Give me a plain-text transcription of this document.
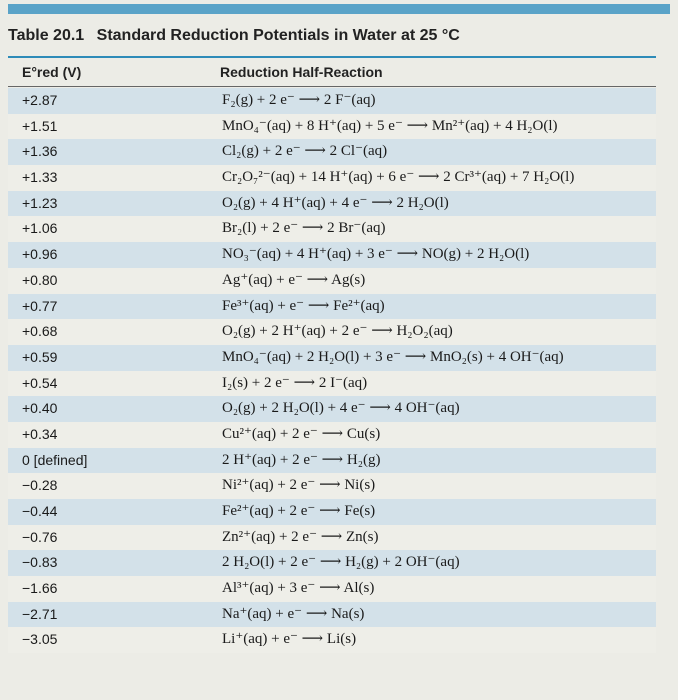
Table 20.1 Standard Reduction Potentials in Water at 25 °C
E°red (V)	Reduction Half-Reaction
+2.87	F₂(g) + 2 e⁻ ⟶ 2 F⁻(aq)
+1.51	MnO₄⁻(aq) + 8 H⁺(aq) + 5 e⁻ ⟶ Mn²⁺(aq) + 4 H₂O(l)
+1.36	Cl₂(g) + 2 e⁻ ⟶ 2 Cl⁻(aq)
+1.33	Cr₂O₇²⁻(aq) + 14 H⁺(aq) + 6 e⁻ ⟶ 2 Cr³⁺(aq) + 7 H₂O(l)
+1.23	O₂(g) + 4 H⁺(aq) + 4 e⁻ ⟶ 2 H₂O(l)
+1.06	Br₂(l) + 2 e⁻ ⟶ 2 Br⁻(aq)
+0.96	NO₃⁻(aq) + 4 H⁺(aq) + 3 e⁻ ⟶ NO(g) + 2 H₂O(l)
+0.80	Ag⁺(aq) + e⁻ ⟶ Ag(s)
+0.77	Fe³⁺(aq) + e⁻ ⟶ Fe²⁺(aq)
+0.68	O₂(g) + 2 H⁺(aq) + 2 e⁻ ⟶ H₂O₂(aq)
+0.59	MnO₄⁻(aq) + 2 H₂O(l) + 3 e⁻ ⟶ MnO₂(s) + 4 OH⁻(aq)
+0.54	I₂(s) + 2 e⁻ ⟶ 2 I⁻(aq)
+0.40	O₂(g) + 2 H₂O(l) + 4 e⁻ ⟶ 4 OH⁻(aq)
+0.34	Cu²⁺(aq) + 2 e⁻ ⟶ Cu(s)
0 [defined]	2 H⁺(aq) + 2 e⁻ ⟶ H₂(g)
−0.28	Ni²⁺(aq) + 2 e⁻ ⟶ Ni(s)
−0.44	Fe²⁺(aq) + 2 e⁻ ⟶ Fe(s)
−0.76	Zn²⁺(aq) + 2 e⁻ ⟶ Zn(s)
−0.83	2 H₂O(l) + 2 e⁻ ⟶ H₂(g) + 2 OH⁻(aq)
−1.66	Al³⁺(aq) + 3 e⁻ ⟶ Al(s)
−2.71	Na⁺(aq) + e⁻ ⟶ Na(s)
−3.05	Li⁺(aq) + e⁻ ⟶ Li(s)
